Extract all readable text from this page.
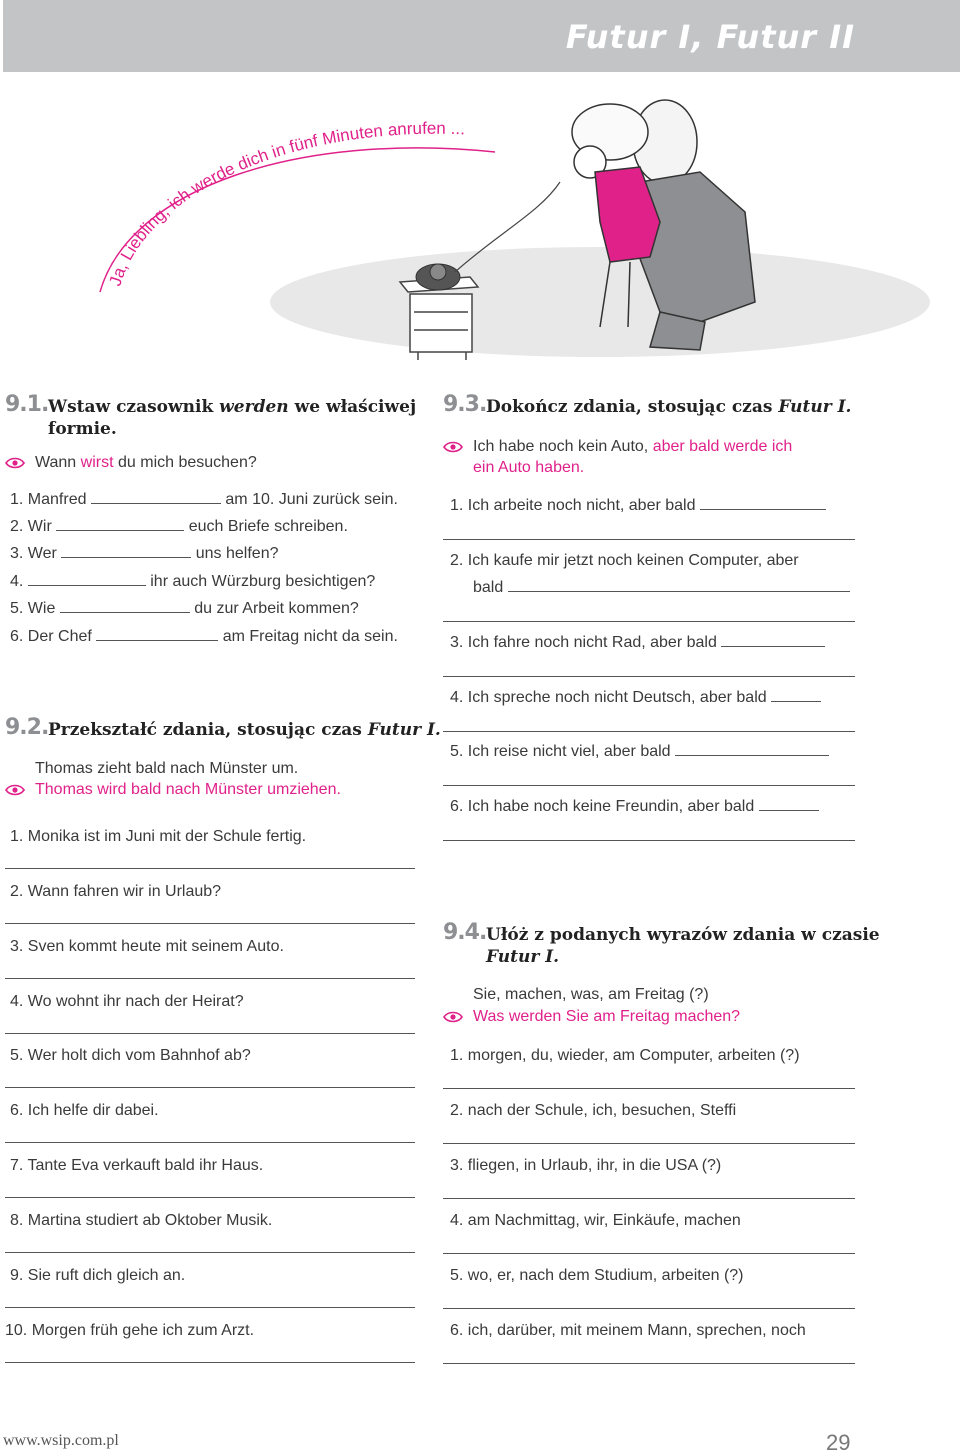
Futur I, Futur II
Ja, Liebling, ich werde dich in fünf Minuten anrufen ...
9.1. Wstaw czasownik werden we właściwej
formie.
Wann wirst du mich besuchen?
1. Manfred	am 10. Juni zurück sein.
2. Wir	euch Briefe schreiben.
3. Wer	uns helfen?
4.	ihr auch Würzburg besichtigen?
5. Wie	du zur Arbeit kommen?
6. Der Chef	am Freitag nicht da sein.
9.2. Przekształć zdania, stosując czas Futur I.
Thomas zieht bald nach Münster um.
Thomas wird bald nach Münster umziehen.
1. Monika ist im Juni mit der Schule fertig.
2. Wann fahren wir in Urlaub?
3. Sven kommt heute mit seinem Auto.
4. Wo wohnt ihr nach der Heirat?
5. Wer holt dich vom Bahnhof ab?
6. Ich helfe dir dabei.
7. Tante Eva verkauft bald ihr Haus.
8. Martina studiert ab Oktober Musik.
9. Sie ruft dich gleich an.
10. Morgen früh gehe ich zum Arzt.
9.3. Dokończ zdania, stosując czas Futur I.
Ich habe noch kein Auto, aber bald werde ich
ein Auto haben.
1. Ich arbeite noch nicht, aber bald
2. Ich kaufe mir jetzt noch keinen Computer, aber
bald
3. Ich fahre noch nicht Rad, aber bald
4. Ich spreche noch nicht Deutsch, aber bald
5. Ich reise nicht viel, aber bald
6. Ich habe noch keine Freundin, aber bald
9.4. Ułóż z podanych wyrazów zdania w czasie
Futur I.
Sie, machen, was, am Freitag (?)
Was werden Sie am Freitag machen?
1. morgen, du, wieder, am Computer, arbeiten (?)
2. nach der Schule, ich, besuchen, Steffi
3. fliegen, in Urlaub, ihr, in die USA (?)
4. am Nachmittag, wir, Einkäufe, machen
5. wo, er, nach dem Studium, arbeiten (?)
6. ich, darüber, mit meinem Mann, sprechen, noch
www.wsip.com.pl	29
